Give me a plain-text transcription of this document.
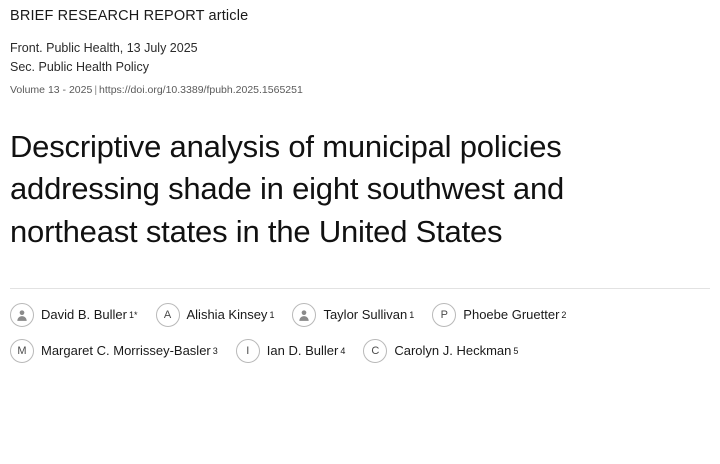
BRIEF RESEARCH REPORT article
Front. Public Health, 13 July 2025
Sec. Public Health Policy
Volume 13 - 2025 | https://doi.org/10.3389/fpubh.2025.1565251
Descriptive analysis of municipal policies addressing shade in eight southwest and northeast states in the United States
David B. Buller 1*	A	Alishia Kinsey 1	Taylor Sullivan 1	P	Phoebe Gruetter 2
M	Margaret C. Morrissey-Basler 3	I	Ian D. Buller 4	C	Carolyn J. Heckman 5
